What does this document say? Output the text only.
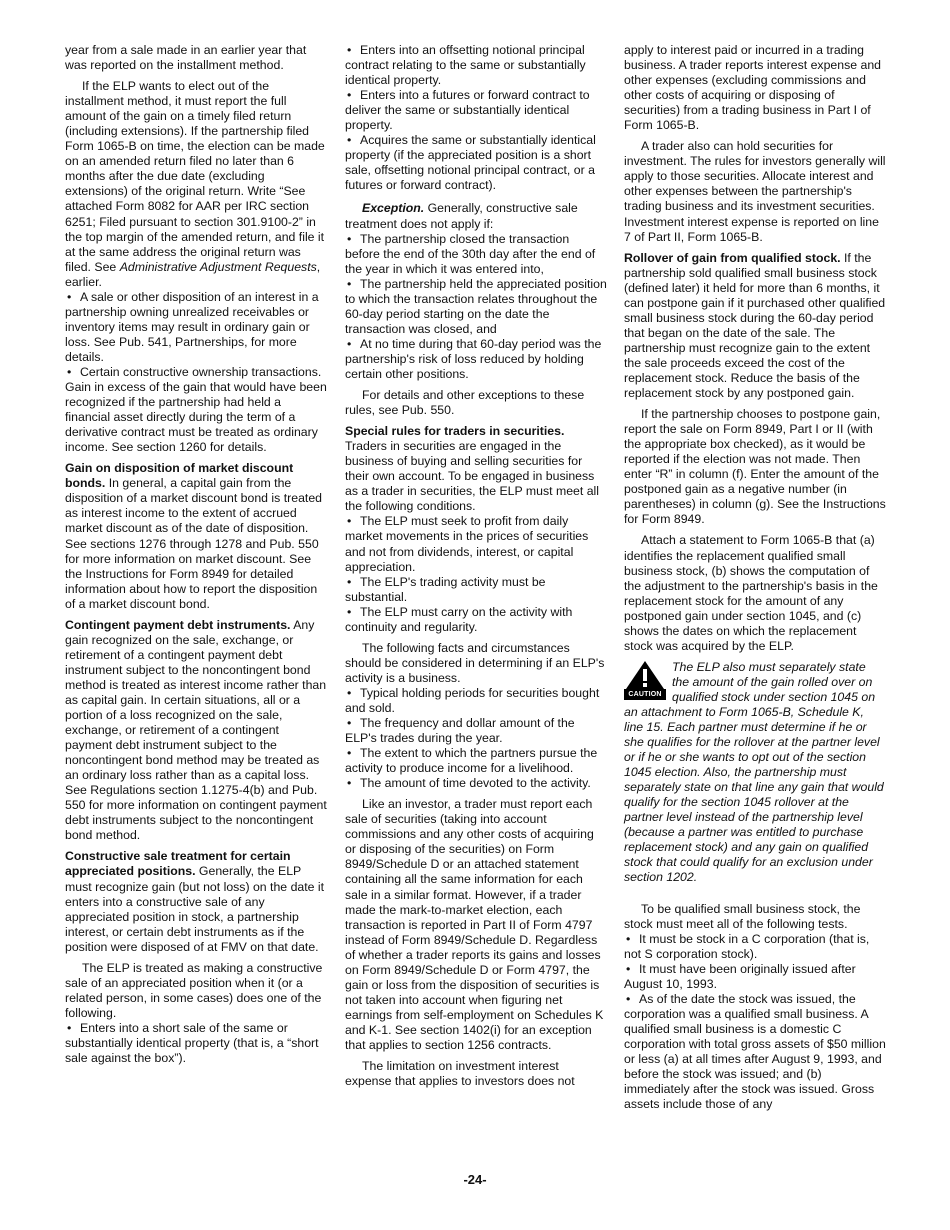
year from a sale made in an earlier year that was reported on the installment method.

If the ELP wants to elect out of the installment method, it must report the full amount of the gain on a timely filed return (including extensions). If the partnership filed Form 1065-B on time, the election can be made on an amended return filed no later than 6 months after the due date (excluding extensions) of the original return. Write “See attached Form 8082 for AAR per IRC section 6251; Filed pursuant to section 301.9100-2” in the top margin of the amended return, and file it at the same address the original return was filed. See Administrative Adjustment Requests, earlier.

• A sale or other disposition of an interest in a partnership owning unrealized receivables or inventory items may result in ordinary gain or loss. See Pub. 541, Partnerships, for more details.

• Certain constructive ownership transactions. Gain in excess of the gain that would have been recognized if the partnership had held a financial asset directly during the term of a derivative contract must be treated as ordinary income. See section 1260 for details.

Gain on disposition of market discount bonds. In general, a capital gain from the disposition of a market discount bond is treated as interest income to the extent of accrued market discount as of the date of disposition. See sections 1276 through 1278 and Pub. 550 for more information on market discount. See the Instructions for Form 8949 for detailed information about how to report the disposition of a market discount bond.

Contingent payment debt instruments. Any gain recognized on the sale, exchange, or retirement of a contingent payment debt instrument subject to the noncontingent bond method is treated as interest income rather than as capital gain. In certain situations, all or a portion of a loss recognized on the sale, exchange, or retirement of a contingent payment debt instrument subject to the noncontingent bond method may be treated as an ordinary loss rather than as a capital loss. See Regulations section 1.1275-4(b) and Pub. 550 for more information on contingent payment debt instruments subject to the noncontingent bond method.

Constructive sale treatment for certain appreciated positions. Generally, the ELP must recognize gain (but not loss) on the date it enters into a constructive sale of any appreciated position in stock, a partnership interest, or certain debt instruments as if the position were disposed of at FMV on that date.

The ELP is treated as making a constructive sale of an appreciated position when it (or a related person, in some cases) does one of the following.

• Enters into a short sale of the same or substantially identical property (that is, a “short sale against the box”).

• Enters into an offsetting notional principal contract relating to the same or substantially identical property.

• Enters into a futures or forward contract to deliver the same or substantially identical property.

• Acquires the same or substantially identical property (if the appreciated position is a short sale, offsetting notional principal contract, or a futures or forward contract).

Exception. Generally, constructive sale treatment does not apply if:

• The partnership closed the transaction before the end of the 30th day after the end of the year in which it was entered into,

• The partnership held the appreciated position to which the transaction relates throughout the 60-day period starting on the date the transaction was closed, and

• At no time during that 60-day period was the partnership's risk of loss reduced by holding certain other positions.

For details and other exceptions to these rules, see Pub. 550.

Special rules for traders in securities. Traders in securities are engaged in the business of buying and selling securities for their own account. To be engaged in business as a trader in securities, the ELP must meet all the following conditions.

• The ELP must seek to profit from daily market movements in the prices of securities and not from dividends, interest, or capital appreciation.

• The ELP's trading activity must be substantial.

• The ELP must carry on the activity with continuity and regularity.

The following facts and circumstances should be considered in determining if an ELP's activity is a business.

• Typical holding periods for securities bought and sold.

• The frequency and dollar amount of the ELP's trades during the year.

• The extent to which the partners pursue the activity to produce income for a livelihood.

• The amount of time devoted to the activity.

Like an investor, a trader must report each sale of securities (taking into account commissions and any other costs of acquiring or disposing of the securities) on Form 8949/Schedule D or an attached statement containing all the same information for each sale in a similar format. However, if a trader made the mark-to-market election, each transaction is reported in Part II of Form 4797 instead of Form 8949/Schedule D. Regardless of whether a trader reports its gains and losses on Form 8949/Schedule D or Form 4797, the gain or loss from the disposition of securities is not taken into account when figuring net earnings from self-employment on Schedules K and K-1. See section 1402(i) for an exception that applies to section 1256 contracts.

The limitation on investment interest expense that applies to investors does not

apply to interest paid or incurred in a trading business. A trader reports interest expense and other expenses (excluding commissions and other costs of acquiring or disposing of securities) from a trading business in Part I of Form 1065-B.

A trader also can hold securities for investment. The rules for investors generally will apply to those securities. Allocate interest and other expenses between the partnership's trading business and its investment securities. Investment interest expense is reported on line 7 of Part II, Form 1065-B.

Rollover of gain from qualified stock. If the partnership sold qualified small business stock (defined later) it held for more than 6 months, it can postpone gain if it purchased other qualified small business stock during the 60-day period that began on the date of the sale. The partnership must recognize gain to the extent the sale proceeds exceed the cost of the replacement stock. Reduce the basis of the replacement stock by any postponed gain.

If the partnership chooses to postpone gain, report the sale on Form 8949, Part I or II (with the appropriate box checked), as it would be reported if the election was not made. Then enter “R” in column (f). Enter the amount of the postponed gain as a negative number (in parentheses) in column (g). See the Instructions for Form 8949.

Attach a statement to Form 1065-B that (a) identifies the replacement qualified small business stock, (b) shows the computation of the adjustment to the partnership's basis in the replacement stock for the amount of any postponed gain under section 1045, and (c) shows the dates on which the replacement stock was acquired by the ELP.

CAUTION
The ELP also must separately state the amount of the gain rolled over on qualified stock under section 1045 on an attachment to Form 1065-B, Schedule K, line 15. Each partner must determine if he or she qualifies for the rollover at the partner level or if he or she wants to opt out of the section 1045 election. Also, the partnership must separately state on that line any gain that would qualify for the section 1045 rollover at the partner level instead of the partnership level (because a partner was entitled to purchase replacement stock) and any gain on qualified stock that could qualify for an exclusion under section 1202.

To be qualified small business stock, the stock must meet all of the following tests.

• It must be stock in a C corporation (that is, not S corporation stock).

• It must have been originally issued after August 10, 1993.

• As of the date the stock was issued, the corporation was a qualified small business. A qualified small business is a domestic C corporation with total gross assets of $50 million or less (a) at all times after August 9, 1993, and before the stock was issued; and (b) immediately after the stock was issued. Gross assets include those of any

-24-
